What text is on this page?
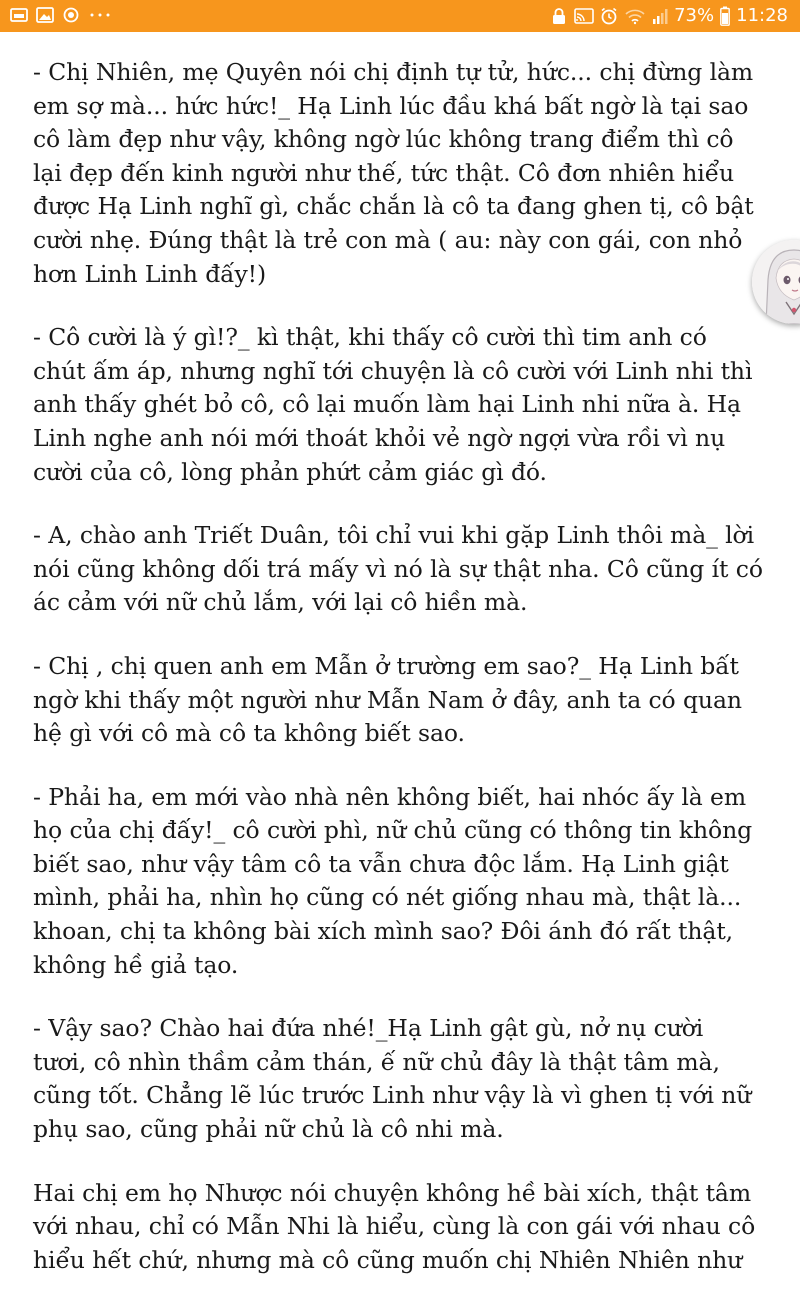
73% 11:28

- Chị Nhiên, mẹ Quyên nói chị định tự tử, hức... chị đừng làm em sợ mà... hức hức!_ Hạ Linh lúc đầu khá bất ngờ là tại sao cô làm đẹp như vậy, không ngờ lúc không trang điểm thì cô lại đẹp đến kinh người như thế, tức thật. Cô đơn nhiên hiểu được Hạ Linh nghĩ gì, chắc chắn là cô ta đang ghen tị, cô bật cười nhẹ. Đúng thật là trẻ con mà ( au: này con gái, con nhỏ hơn Linh Linh đấy!)

- Cô cười là ý gì!?_ kì thật, khi thấy cô cười thì tim anh có chút ấm áp, nhưng nghĩ tới chuyện là cô cười với Linh nhi thì anh thấy ghét bỏ cô, cô lại muốn làm hại Linh nhi nữa à. Hạ Linh nghe anh nói mới thoát khỏi vẻ ngờ ngợi vừa rồi vì nụ cười của cô, lòng phản phứt cảm giác gì đó.

- A, chào anh Triết Duân, tôi chỉ vui khi gặp Linh thôi mà_ lời nói cũng không dối trá mấy vì nó là sự thật nha. Cô cũng ít có ác cảm với nữ chủ lắm, với lại cô hiền mà.

- Chị , chị quen anh em Mẫn ở trường em sao?_ Hạ Linh bất ngờ khi thấy một người như Mẫn Nam ở đây, anh ta có quan hệ gì với cô mà cô ta không biết sao.

- Phải ha, em mới vào nhà nên không biết, hai nhóc ấy là em họ của chị đấy!_ cô cười phì, nữ chủ cũng có thông tin không biết sao, như vậy tâm cô ta vẫn chưa độc lắm. Hạ Linh giật mình, phải ha, nhìn họ cũng có nét giống nhau mà, thật là... khoan, chị ta không bài xích mình sao? Đôi ánh đó rất thật, không hề giả tạo.

- Vậy sao? Chào hai đứa nhé!_Hạ Linh gật gù, nở nụ cười tươi, cô nhìn thầm cảm thán, ế nữ chủ đây là thật tâm mà, cũng tốt. Chẳng lẽ lúc trước Linh như vậy là vì ghen tị với nữ phụ sao, cũng phải nữ chủ là cô nhi mà.

Hai chị em họ Nhược nói chuyện không hề bài xích, thật tâm với nhau, chỉ có Mẫn Nhi là hiểu, cùng là con gái với nhau cô hiểu hết chứ, nhưng mà cô cũng muốn chị Nhiên Nhiên như
